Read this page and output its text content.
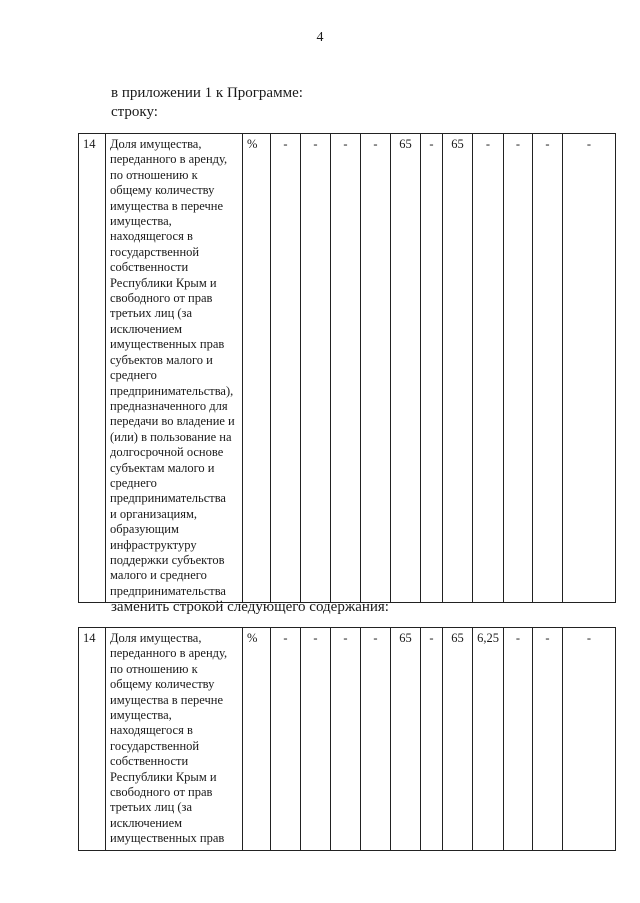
4
в приложении 1 к Программе:
строку:
14	Доля имущества,
переданного в аренду,
по отношению к
общему количеству
имущества в перечне
имущества,
находящегося в
государственной
собственности
Республики Крым и
свободного от прав
третьих лиц (за
исключением
имущественных прав
субъектов малого и
среднего
предпринимательства),
предназначенного для
передачи во владение и
(или) в пользование на
долгосрочной основе
субъектам малого и
среднего
предпринимательства
и организациям,
образующим
инфраструктуру
поддержки субъектов
малого и среднего
предпринимательства
	%	-	-	-	-	65	-	65	-	-	-	-
заменить строкой следующего содержания:
14	Доля имущества,
переданного в аренду,
по отношению к
общему количеству
имущества в перечне
имущества,
находящегося в
государственной
собственности
Республики Крым и
свободного от прав
третьих лиц (за
исключением
имущественных прав
	%	-	-	-	-	65	-	65	6,25	-	-	-
